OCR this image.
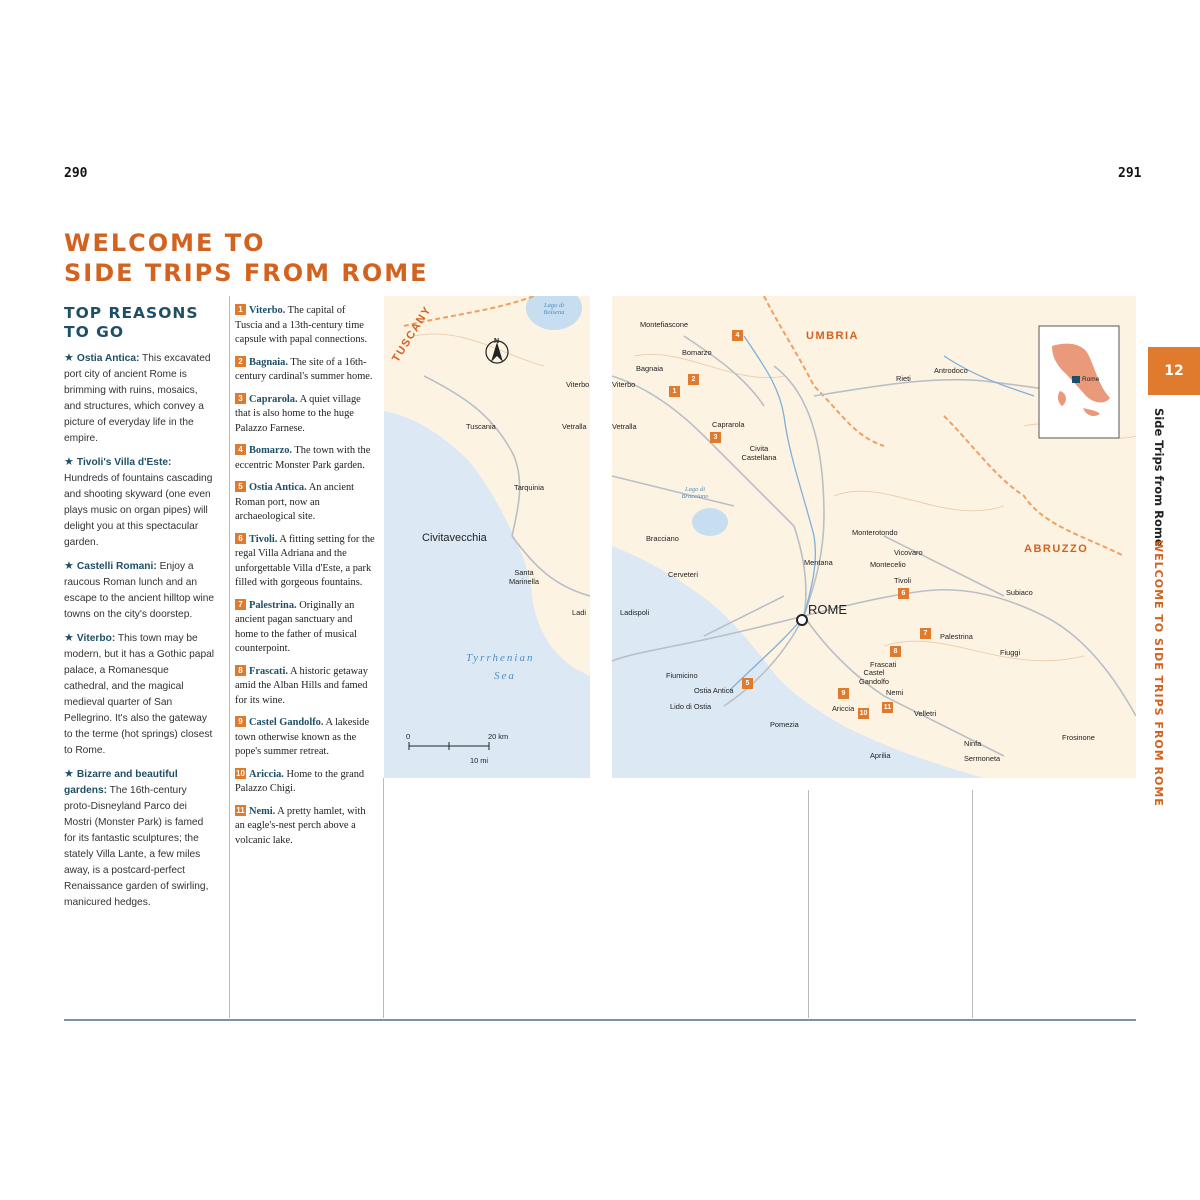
290	291
WELCOME TO
SIDE TRIPS FROM ROME
TOP REASONS TO GO
★ Ostia Antica: This excavated port city of ancient Rome is brimming with ruins, mosaics, and structures, which convey a picture of everyday life in the empire.
★ Tivoli's Villa d'Este: Hundreds of fountains cascading and shooting skyward (one even plays music on organ pipes) will delight you at this spectacular garden.
★ Castelli Romani: Enjoy a raucous Roman lunch and an escape to the ancient hilltop wine towns on the city's doorstep.
★ Viterbo: This town may be modern, but it has a Gothic papal palace, a Romanesque cathedral, and the magical medieval quarter of San Pellegrino. It's also the gateway to the terme (hot springs) closest to Rome.
★ Bizarre and beautiful gardens: The 16th-century proto-Disneyland Parco dei Mostri (Monster Park) is famed for its fantastic sculptures; the stately Villa Lante, a few miles away, is a postcard-perfect Renaissance garden of swirling, manicured hedges.
1 Viterbo. The capital of Tuscia and a 13th-century time capsule with papal connections.
2 Bagnaia. The site of a 16th-century cardinal's summer home.
3 Caprarola. A quiet village that is also home to the huge Palazzo Farnese.
4 Bomarzo. The town with the eccentric Monster Park garden.
5 Ostia Antica. An ancient Roman port, now an archaeological site.
6 Tivoli. A fitting setting for the regal Villa Adriana and the unforgettable Villa d'Este, a park filled with gorgeous fountains.
7 Palestrina. Originally an ancient pagan sanctuary and home to the father of musical counterpoint.
8 Frascati. A historic getaway amid the Alban Hills and famed for its wine.
9 Castel Gandolfo. A lakeside town otherwise known as the pope's summer retreat.
10 Ariccia. Home to the grand Palazzo Chigi.
11 Nemi. A pretty hamlet, with an eagle's-nest perch above a volcanic lake.
TUSCANY	UMBRIA
ABRUZZO
Tyrrhenian
Sea
Lago di Bolsena
Lago di Bracciano
ROME
Civitavecchia
Tuscania
Tarquinia
Santa Marinella
Vetralla
Viterbo
Ladi
Montefiascone
Bomarzo
Bagnaia
Viterbo
Vetralla	Caprarola
Civita Castellana
Rieti
Antrodoco
Bracciano
Cerveteri
Ladispoli
Monterotondo
Vicovaro
Mentana	Montecelio
Tivoli
Subiaco
Palestrina
Fiuggi
Frascati
Castel Gandolfo
Nemi
Fiumicino
Ostia Antica
Lido di Ostia
Pomezia
Ariccia
Velletri
Aprilia
Ninfa
Sermoneta
Frosinone
1
2
3
4
5
6
7
8
9
10
11
Rome
N
0	20 km
10 mi
12
Side Trips from Rome
WELCOME TO SIDE TRIPS FROM ROME
